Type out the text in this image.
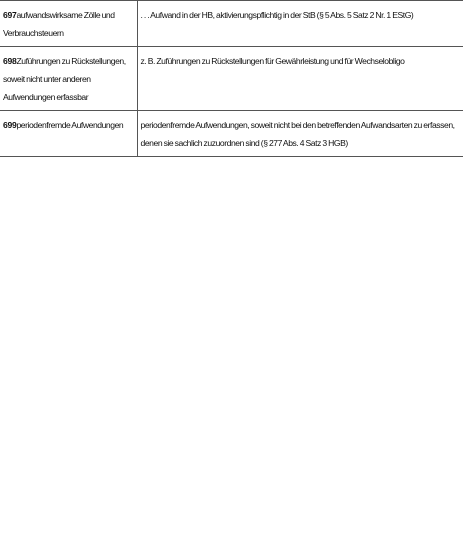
697aufwandswirksame Zölle und Verbrauchsteuern	. . . Aufwand in der HB, aktivierungspflichtig in der StB (§ 5 Abs. 5 Satz 2 Nr. 1 EStG)
698Zuführungen zu Rückstellungen, soweit nicht unter anderen Aufwendungen erfassbar	z. B. Zuführungen zu Rückstellungen für Gewährleistung und für Wechselobligo
699periodenfremde Aufwendungen	periodenfremde Aufwendungen, soweit nicht bei den betreffenden Aufwandsarten zu erfassen, denen sie sachlich zuzuordnen sind (§ 277 Abs. 4 Satz 3 HGB)
